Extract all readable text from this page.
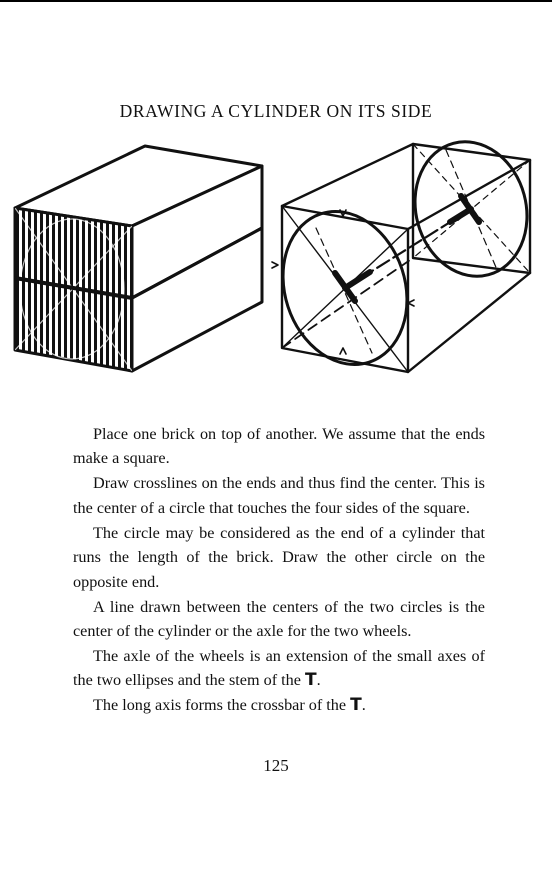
DRAWING A CYLINDER ON ITS SIDE

Place one brick on top of another. We assume that the ends make a square.

Draw crosslines on the ends and thus find the center. This is the center of a circle that touches the four sides of the square.

The circle may be considered as the end of a cylinder that runs the length of the brick. Draw the other circle on the opposite end.

A line drawn between the centers of the two circles is the center of the cylinder or the axle for the two wheels.

The axle of the wheels is an extension of the small axes of the two ellipses and the stem of the T.

The long axis forms the crossbar of the T.

125
